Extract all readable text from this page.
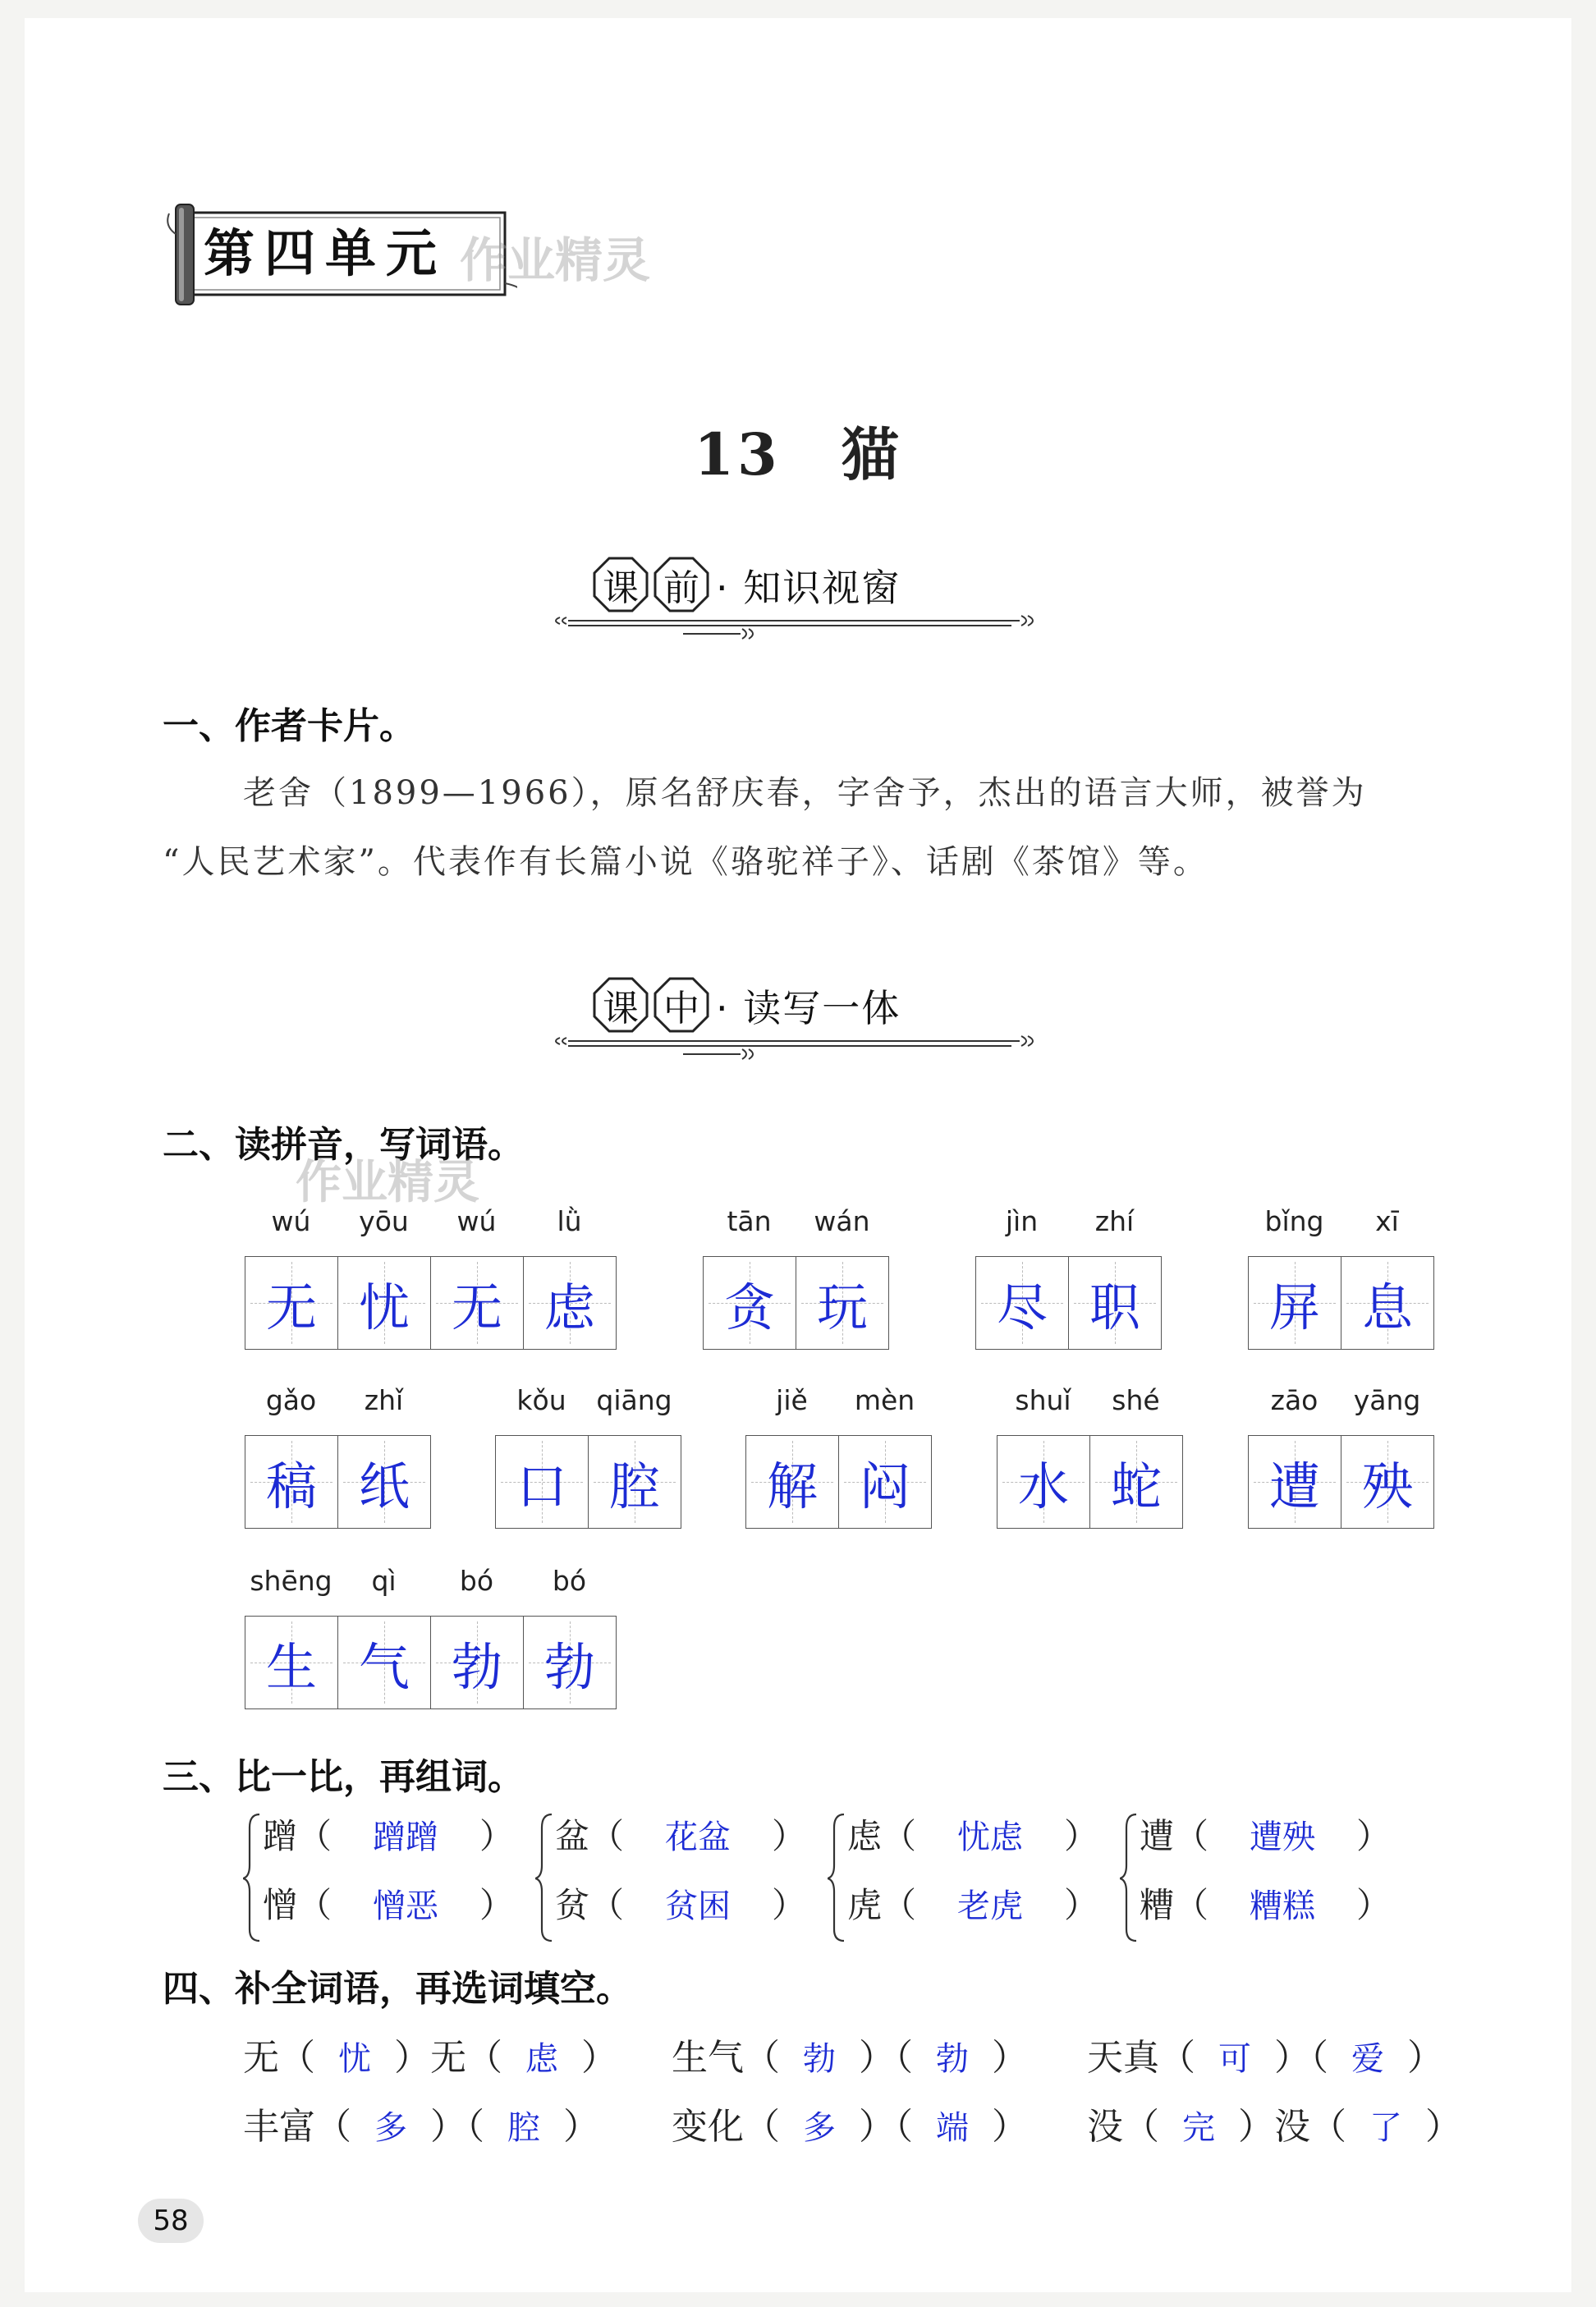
第四单元 作业精灵
13　猫
课 前 · 知识视窗
一、作者卡片。
老舍（1899—1966），原名舒庆春，字舍予，杰出的语言大师，被誉为
“人民艺术家”。代表作有长篇小说《骆驼祥子》、话剧《茶馆》等。
课 中 · 读写一体
二、读拼音，写词语。
作业精灵
wú	yōu	wú	lǜ
无 忧 无 虑
tān	wán
贪 玩
jìn	zhí
尽 职
bǐng	xī
屏 息
gǎo	zhǐ
稿 纸
kǒu	qiāng
口 腔
jiě	mèn
解 闷
shuǐ	shé
水 蛇
zāo	yāng
遭 殃
shēng	qì	bó	bó
生 气 勃 勃
三、比一比，再组词。
蹭（ 蹭蹭 ）
憎（ 憎恶 ）
盆（ 花盆 ）
贫（ 贫困 ）
虑（ 忧虑 ）
虎（ 老虎 ）
遭（ 遭殃 ）
糟（ 糟糕 ）
四、补全词语，再选词填空。
无（ 忧 ）无（ 虑 ） 生气（ 勃 ）（ 勃 ） 天真（ 可 ）（ 爱 ）
丰富（ 多 ）（ 腔 ） 变化（ 多 ）（ 端 ） 没（ 完 ）没（ 了 ）
58
